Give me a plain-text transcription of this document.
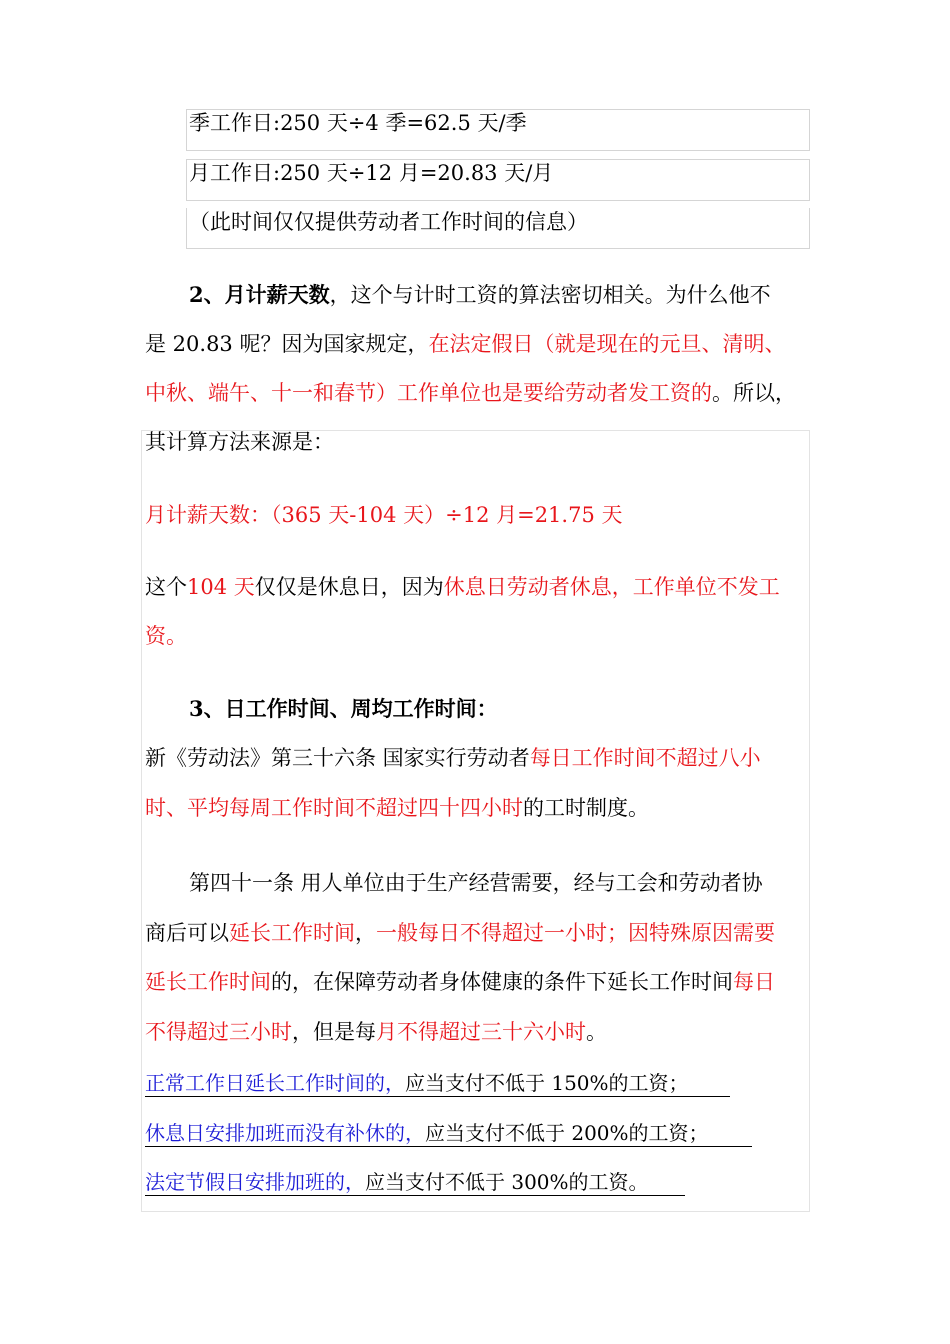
季工作日:250 天÷4 季=62.5 天/季
月工作日:250 天÷12 月=20.83 天/月
（此时间仅仅提供劳动者工作时间的信息）
2、月计薪天数，这个与计时工资的算法密切相关。为什么他不
是 20.83 呢？因为国家规定，在法定假日（就是现在的元旦、清明、
中秋、端午、十一和春节）工作单位也是要给劳动者发工资的。所以，
其计算方法来源是：
月计薪天数：（365 天-104 天）÷12 月=21.75 天
这个104 天仅仅是休息日，因为休息日劳动者休息，工作单位不发工
资。
3、日工作时间、周均工作时间：
新《劳动法》第三十六条 国家实行劳动者每日工作时间不超过八小
时、平均每周工作时间不超过四十四小时的工时制度。
第四十一条 用人单位由于生产经营需要，经与工会和劳动者协
商后可以延长工作时间，一般每日不得超过一小时；因特殊原因需要
延长工作时间的，在保障劳动者身体健康的条件下延长工作时间每日
不得超过三小时，但是每月不得超过三十六小时。
正常工作日延长工作时间的，应当支付不低于 150%的工资；
休息日安排加班而没有补休的，应当支付不低于 200%的工资；
法定节假日安排加班的，应当支付不低于 300%的工资。
